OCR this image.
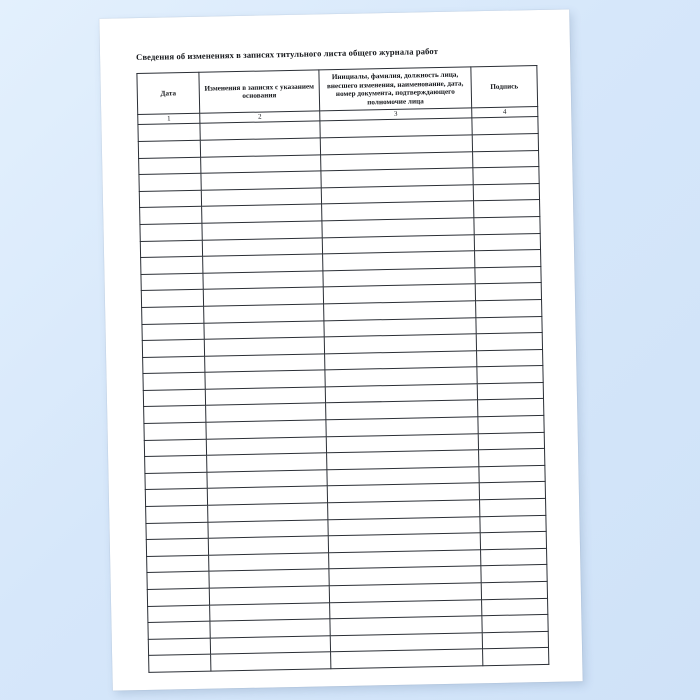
Сведения об изменениях в записях титульного листа общего журнала работ
Дата	Изменения в записях с указанием основания	Инициалы, фамилия, должность лица, внесшего изменения, наименование, дата, номер документа, подтверждающего полномочие лица	Подпись
1	2	3	4
